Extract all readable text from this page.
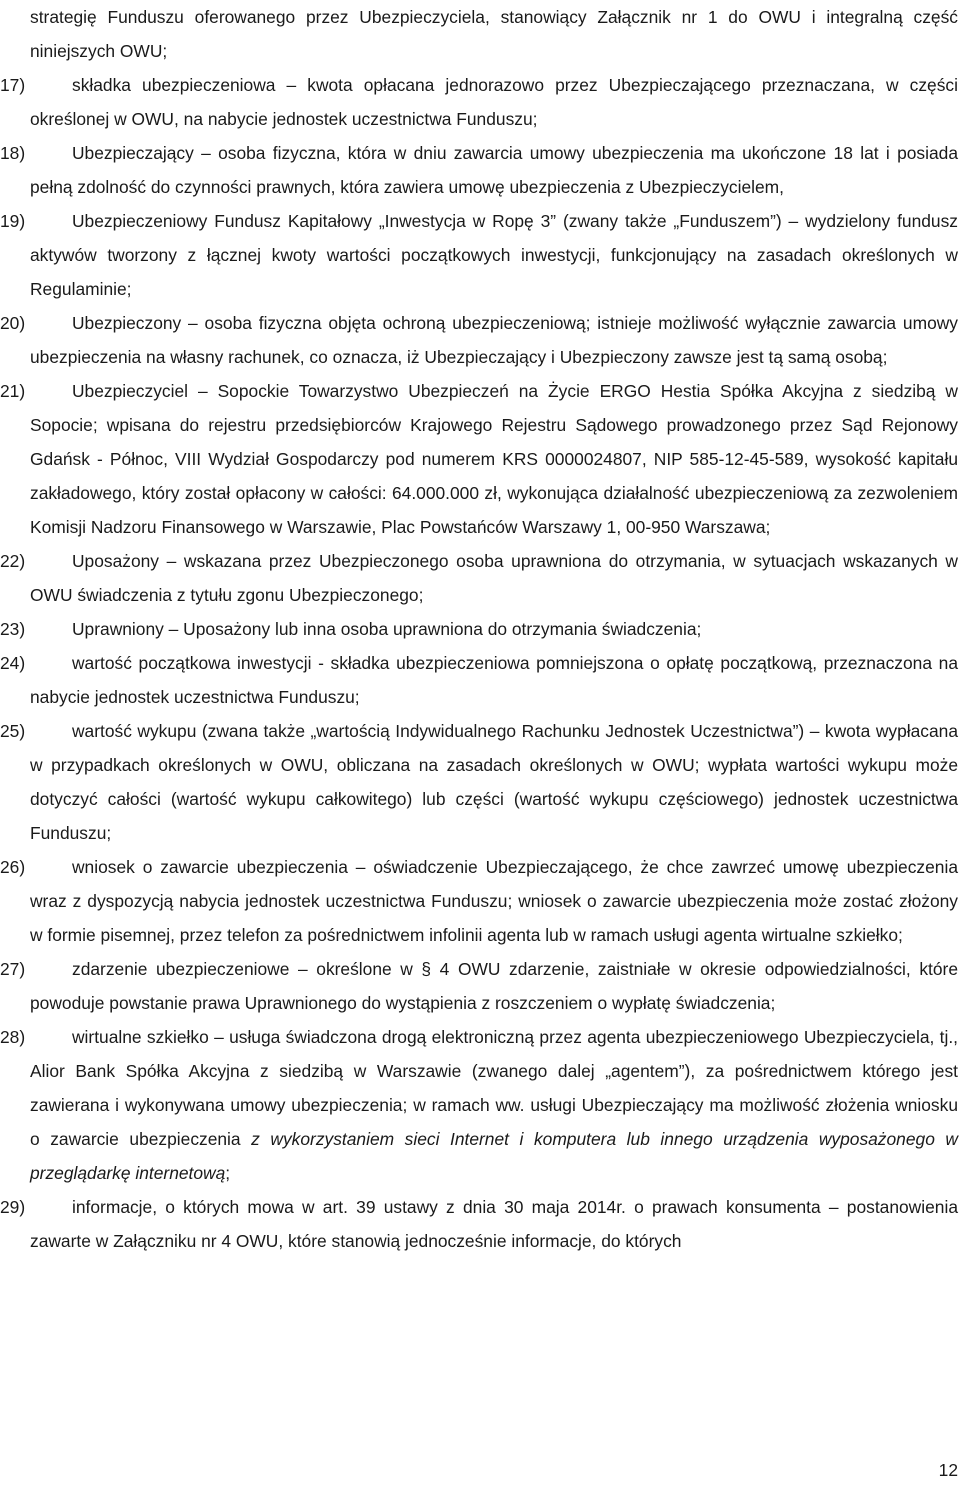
strategię Funduszu oferowanego przez Ubezpieczyciela, stanowiący Załącznik nr 1 do OWU i integralną część niniejszych OWU;
17)	składka ubezpieczeniowa – kwota opłacana jednorazowo przez Ubezpieczającego przeznaczana, w części określonej w OWU, na nabycie jednostek uczestnictwa Funduszu;

18)	Ubezpieczający – osoba fizyczna, która w dniu zawarcia umowy ubezpieczenia ma ukończone 18 lat i posiada pełną zdolność do czynności prawnych, która zawiera umowę ubezpieczenia z Ubezpieczycielem,

19)	Ubezpieczeniowy Fundusz Kapitałowy „Inwestycja w Ropę 3” (zwany także „Funduszem”) – wydzielony fundusz aktywów tworzony z łącznej kwoty wartości początkowych inwestycji, funkcjonujący na zasadach określonych w Regulaminie;

20)	Ubezpieczony – osoba fizyczna objęta ochroną ubezpieczeniową; istnieje możliwość wyłącznie zawarcia umowy ubezpieczenia na własny rachunek, co oznacza, iż Ubezpieczający i Ubezpieczony zawsze jest tą samą osobą;

21)	Ubezpieczyciel – Sopockie Towarzystwo Ubezpieczeń na Życie ERGO Hestia Spółka Akcyjna z siedzibą w Sopocie; wpisana do rejestru przedsiębiorców Krajowego Rejestru Sądowego prowadzonego przez Sąd Rejonowy Gdańsk - Północ, VIII Wydział Gospodarczy pod numerem KRS 0000024807, NIP 585-12-45-589, wysokość kapitału zakładowego, który został opłacony w całości: 64.000.000 zł, wykonująca działalność ubezpieczeniową za zezwoleniem Komisji Nadzoru Finansowego w Warszawie, Plac Powstańców Warszawy 1, 00-950 Warszawa;

22)	Uposażony – wskazana przez Ubezpieczonego osoba uprawniona do otrzymania, w sytuacjach wskazanych w OWU świadczenia z tytułu zgonu Ubezpieczonego;

23)	Uprawniony – Uposażony lub inna osoba uprawniona do otrzymania świadczenia;

24)	wartość początkowa inwestycji - składka ubezpieczeniowa pomniejszona o opłatę początkową, przeznaczona na nabycie jednostek uczestnictwa Funduszu;

25)	wartość wykupu (zwana także „wartością Indywidualnego Rachunku Jednostek Uczestnictwa”) – kwota wypłacana w przypadkach określonych w OWU, obliczana na zasadach określonych w OWU; wypłata wartości wykupu może dotyczyć całości (wartość wykupu całkowitego) lub części (wartość wykupu częściowego) jednostek uczestnictwa Funduszu;

26)	wniosek o zawarcie ubezpieczenia – oświadczenie Ubezpieczającego, że chce zawrzeć umowę ubezpieczenia wraz z dyspozycją nabycia jednostek uczestnictwa Funduszu; wniosek o zawarcie ubezpieczenia może zostać złożony w formie pisemnej, przez telefon za pośrednictwem infolinii agenta lub w ramach usługi agenta wirtualne szkiełko;

27)	zdarzenie ubezpieczeniowe – określone w § 4 OWU zdarzenie, zaistniałe w okresie odpowiedzialności, które powoduje powstanie prawa Uprawnionego do wystąpienia z roszczeniem o wypłatę świadczenia;

28)	wirtualne szkiełko – usługa świadczona drogą elektroniczną przez agenta ubezpieczeniowego Ubezpieczyciela, tj., Alior Bank Spółka Akcyjna z siedzibą w Warszawie (zwanego dalej „agentem”), za pośrednictwem którego jest zawierana i wykonywana umowy ubezpieczenia; w ramach ww. usługi Ubezpieczający ma możliwość złożenia wniosku o zawarcie ubezpieczenia z wykorzystaniem sieci Internet i komputera lub innego urządzenia wyposażonego w przeglądarkę internetową;

29)	informacje, o których mowa w art. 39 ustawy z dnia 30 maja 2014r. o prawach konsumenta – postanowienia zawarte w Załączniku nr 4 OWU, które stanowią jednocześnie informacje, do których

12
